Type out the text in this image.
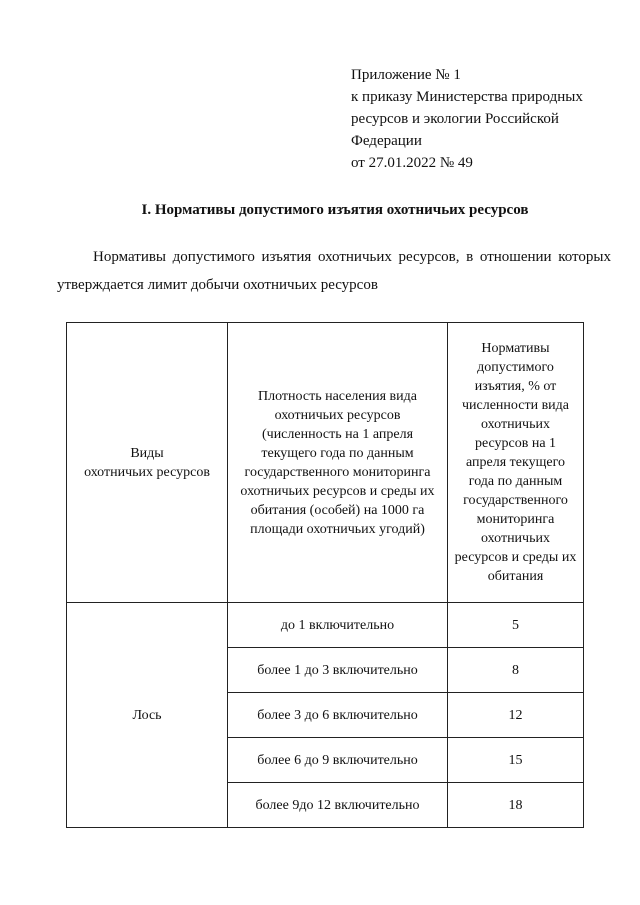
Приложение № 1
к приказу Министерства природных
ресурсов и экологии Российской
Федерации
от 27.01.2022 № 49
I. Нормативы допустимого изъятия охотничьих ресурсов
Нормативы допустимого изъятия охотничьих ресурсов, в отношении которых утверждается лимит добычи охотничьих ресурсов
Виды
охотничьих ресурсов	Плотность населения вида охотничьих ресурсов (численность на 1 апреля текущего года по данным государственного мониторинга охотничьих ресурсов и среды их обитания (особей) на 1000 га площади охотничьих угодий)	Нормативы допустимого изъятия, % от численности вида охотничьих ресурсов на 1 апреля текущего года по данным государственного мониторинга охотничьих ресурсов и среды их обитания
Лось	до 1 включительно	5
	более 1 до 3 включительно	8
	более 3 до 6 включительно	12
	более 6 до 9 включительно	15
	более 9до 12 включительно	18
